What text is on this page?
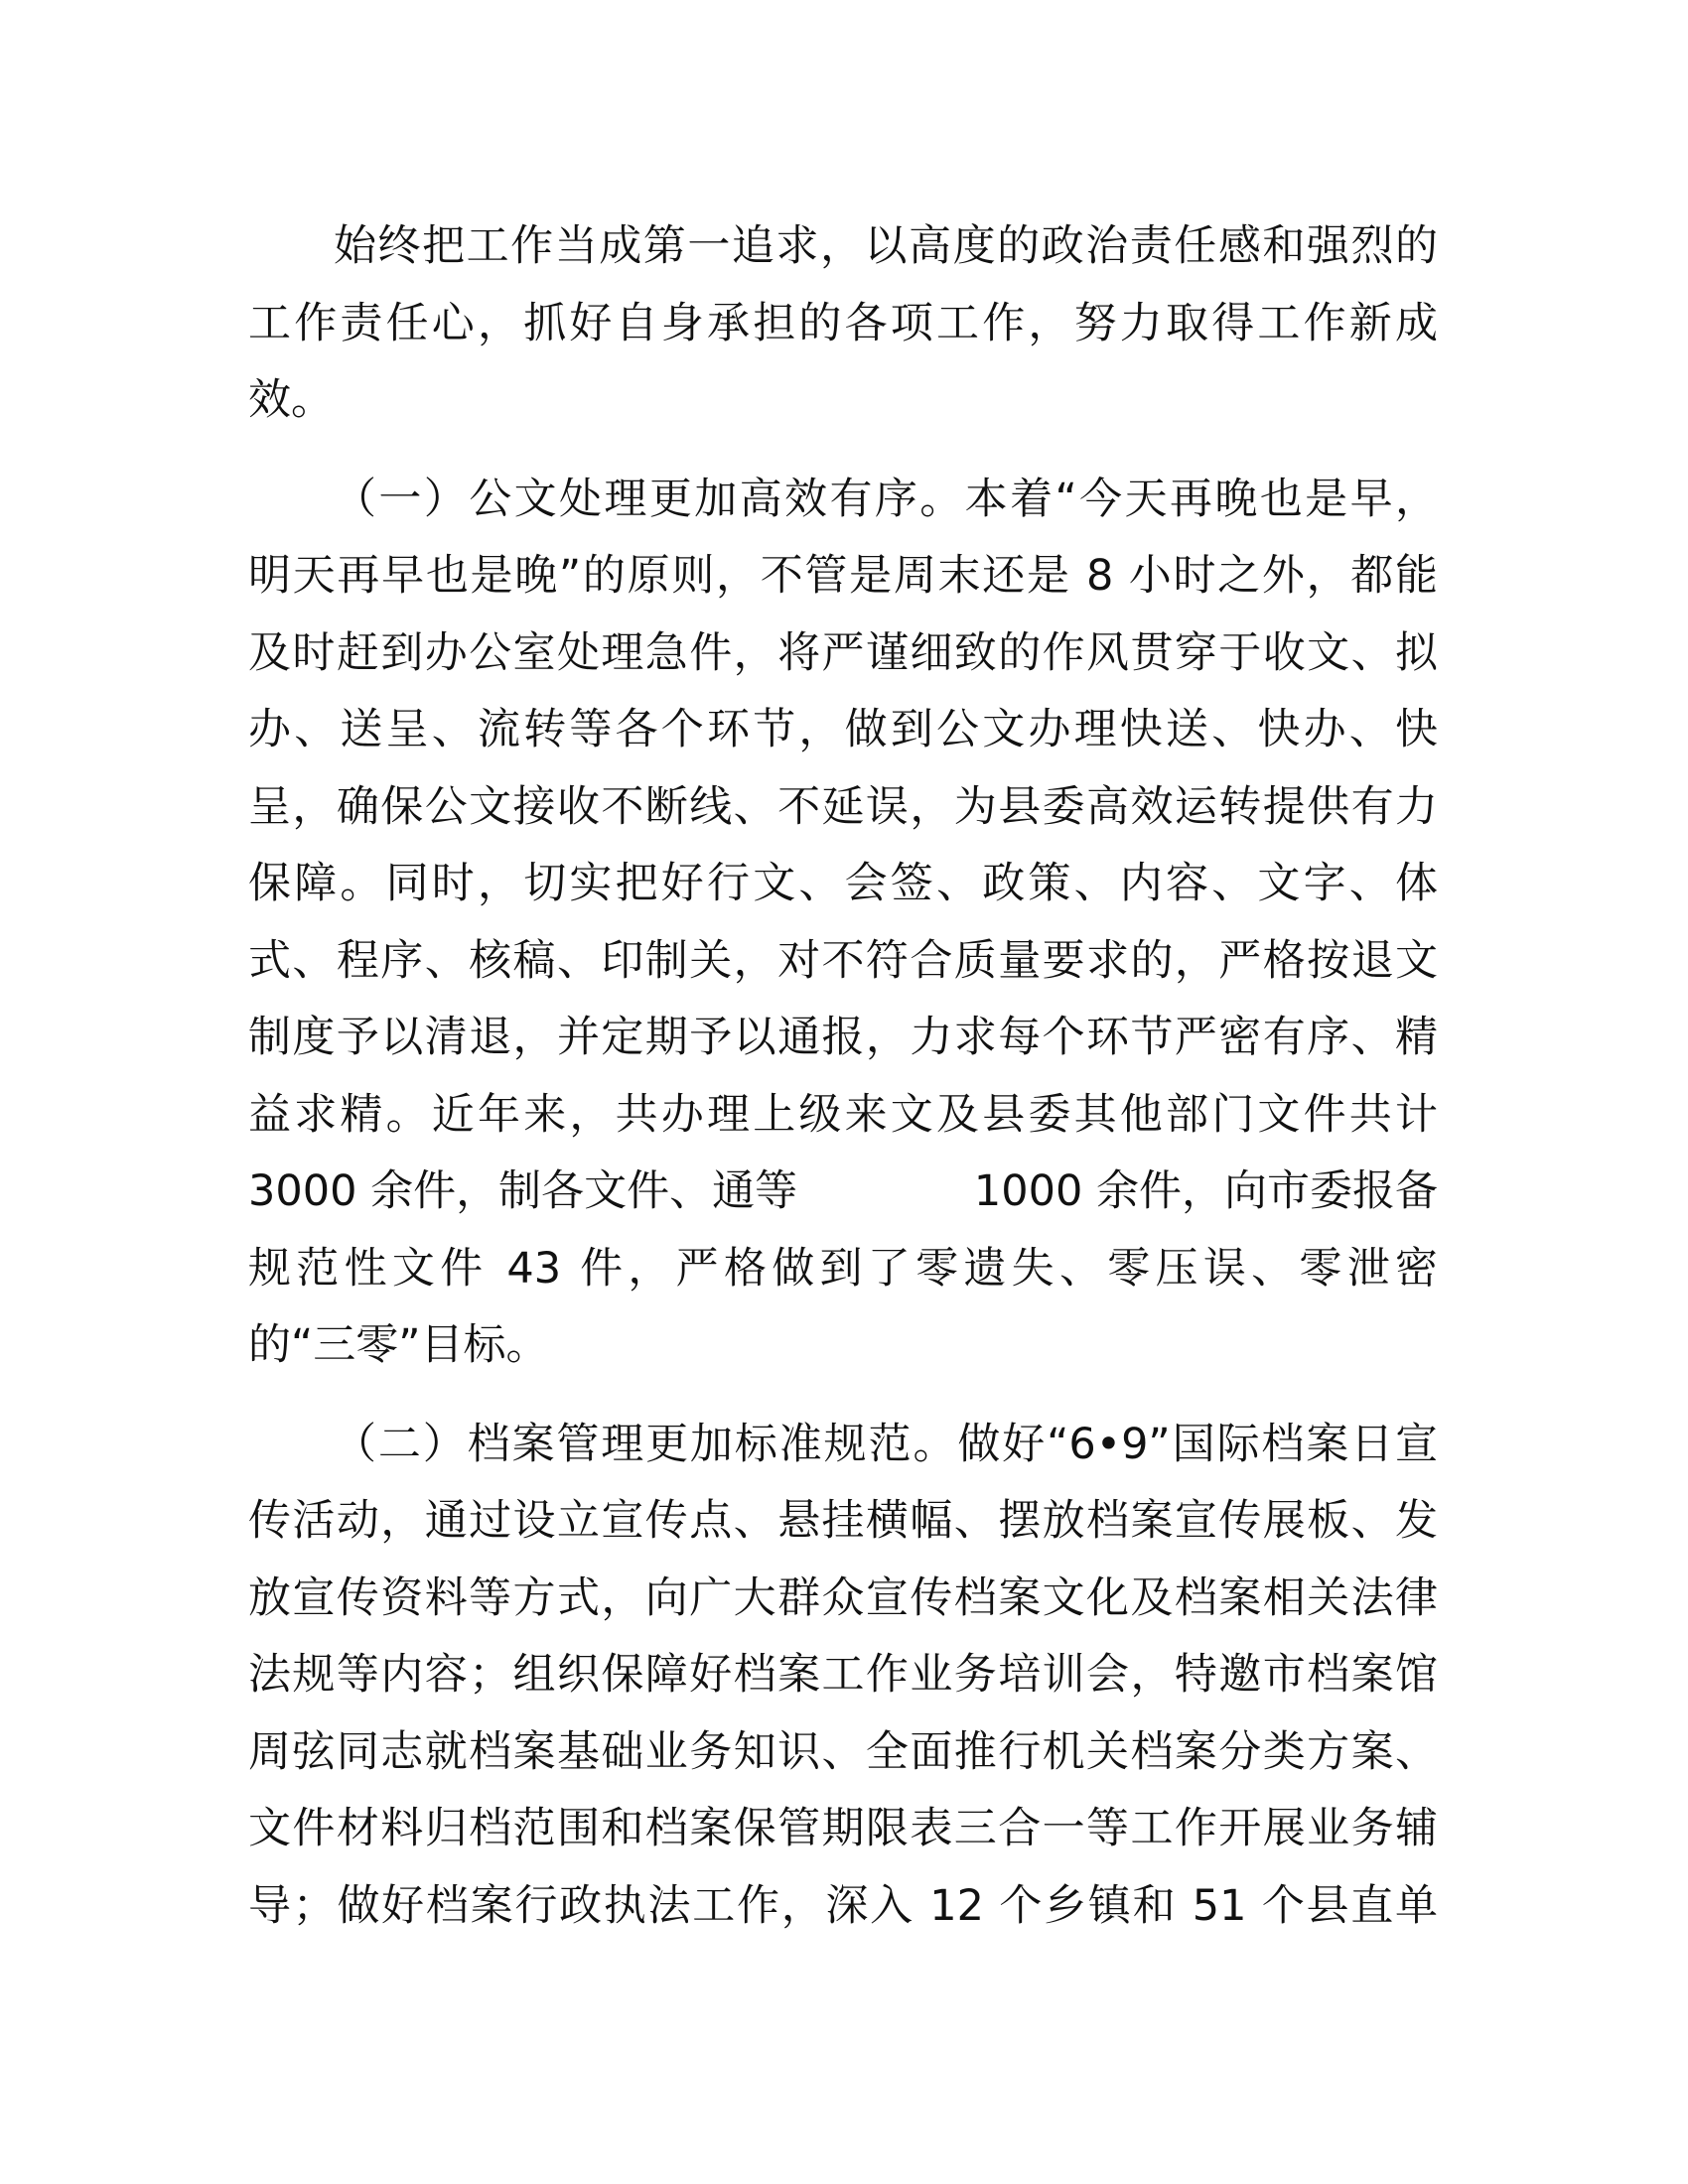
始终把工作当成第一追求，以高度的政治责任感和强烈的
工作责任心，抓好自身承担的各项工作，努力取得工作新成
效。
（一）公文处理更加高效有序。本着“今天再晚也是早，
明天再早也是晚”的原则，不管是周末还是 8 小时之外，都能
及时赶到办公室处理急件，将严谨细致的作风贯穿于收文、拟
办、送呈、流转等各个环节，做到公文办理快送、快办、快
呈，确保公文接收不断线、不延误，为县委高效运转提供有力
保障。同时，切实把好行文、会签、政策、内容、文字、体
式、程序、核稿、印制关，对不符合质量要求的，严格按退文
制度予以清退，并定期予以通报，力求每个环节严密有序、精
益求精。近年来，共办理上级来文及县委其他部门文件共计
3000 余件，制各文件、通等	1000 余件，向市委报备
规范性文件 43 件，严格做到了零遗失、零压误、零泄密
的“三零”目标。
（二）档案管理更加标准规范。做好“6•9”国际档案日宣
传活动，通过设立宣传点、悬挂横幅、摆放档案宣传展板、发
放宣传资料等方式，向广大群众宣传档案文化及档案相关法律
法规等内容；组织保障好档案工作业务培训会，特邀市档案馆
周弦同志就档案基础业务知识、全面推行机关档案分类方案、
文件材料归档范围和档案保管期限表三合一等工作开展业务辅
导；做好档案行政执法工作，深入 12 个乡镇和 51 个县直单
